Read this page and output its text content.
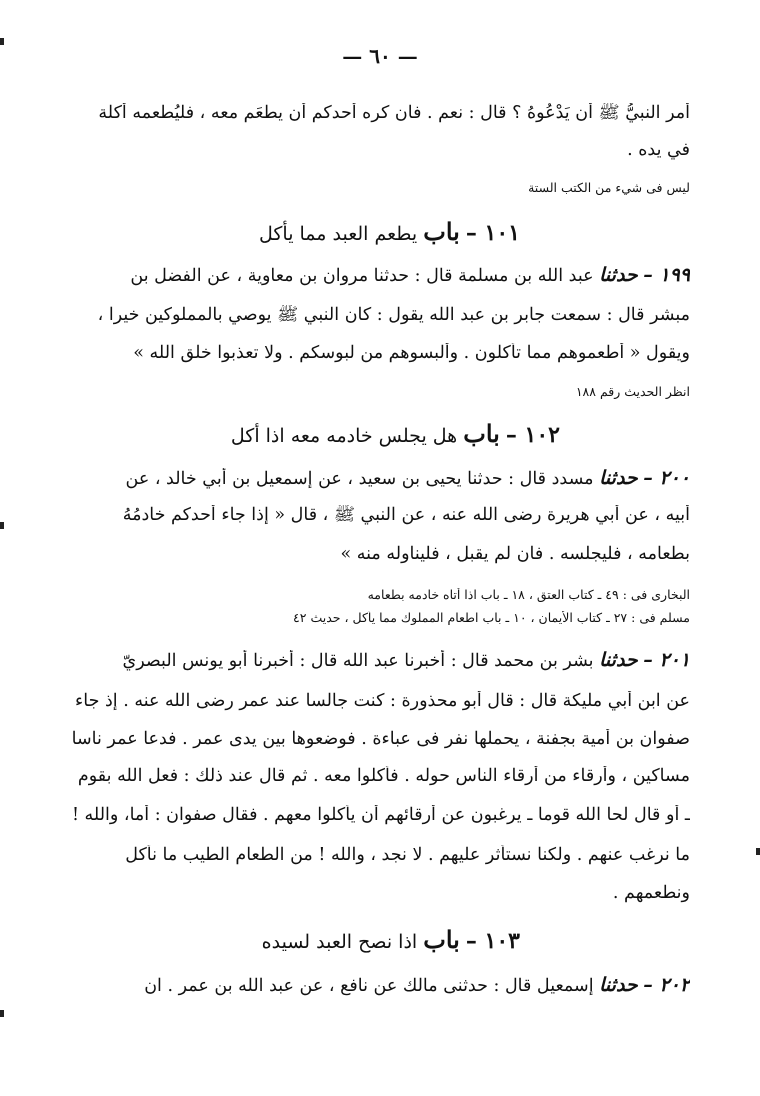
— ٦٠ —
أمر النبيُّ ﷺ أن يَدْعُوهُ ؟ قال : نعم . فان كره أحدكم أن يطعَم معه ، فليُطعمه أُكلة
في يده .
ليس فى شيء من الكتب الستة
١٠١ – باب يطعم العبد مما يأكل
١٩٩ – حدثنا عبد الله بن مسلمة قال : حدثنا مروان بن معاوية ، عن الفضل بن
مبشر قال : سمعت جابر بن عبد الله يقول : كان النبي ﷺ يوصي بالمملوكين خيرا ،
ويقول « أطعموهم مما تأكلون . وألبسوهم من لبوسكم . ولا تعذبوا خلق الله »
انظر الحديث رقم ١٨٨
١٠٢ – باب هل يجلس خادمه معه اذا أكل
٢٠٠ – حدثنا مسدد قال : حدثنا يحيى بن سعيد ، عن إسمعيل بن أبي خالد ، عن
أبيه ، عن أبي هريرة رضى الله عنه ، عن النبي ﷺ ، قال « إذا جاء أحدكم خادمُهُ
بطعامه ، فليجلسه . فان لم يقبل ، فليناوله منه »
البخارى فى : ٤٩ ـ كتاب العتق ، ١٨ ـ باب اذا أتاه خادمه بطعامه
مسلم فى : ٢٧ ـ كتاب الأيمان ، ١٠ ـ باب اطعام المملوك مما يأكل ، حديث ٤٢
٢٠١ – حدثنا بشر بن محمد قال : أخبرنا عبد الله قال : أخبرنا أبو يونس البصريّ
عن ابن أبي مليكة قال : قال أبو محذورة : كنت جالسا عند عمر رضى الله عنه . إذ جاء
صفوان بن أمية بجفنة ، يحملها نفر فى عباءة . فوضعوها بين يدى عمر . فدعا عمر ناسا
مساكين ، وأرقاء من أرقاء الناس حوله . فأكلوا معه . ثم قال عند ذلك : فعل الله بقوم
ـ أو قال لحا الله قوما ـ يرغبون عن أرقائهم أن يأكلوا معهم . فقال صفوان : أما، والله !
ما نرغب عنهم . ولكنا نستأثر عليهم . لا نجد ، والله ! من الطعام الطيب ما نأكل
ونطعمهم .
١٠٣ – باب اذا نصح العبد لسيده
٢٠٢ – حدثنا إسمعيل قال : حدثنى مالك عن نافع ، عن عبد الله بن عمر . ان
